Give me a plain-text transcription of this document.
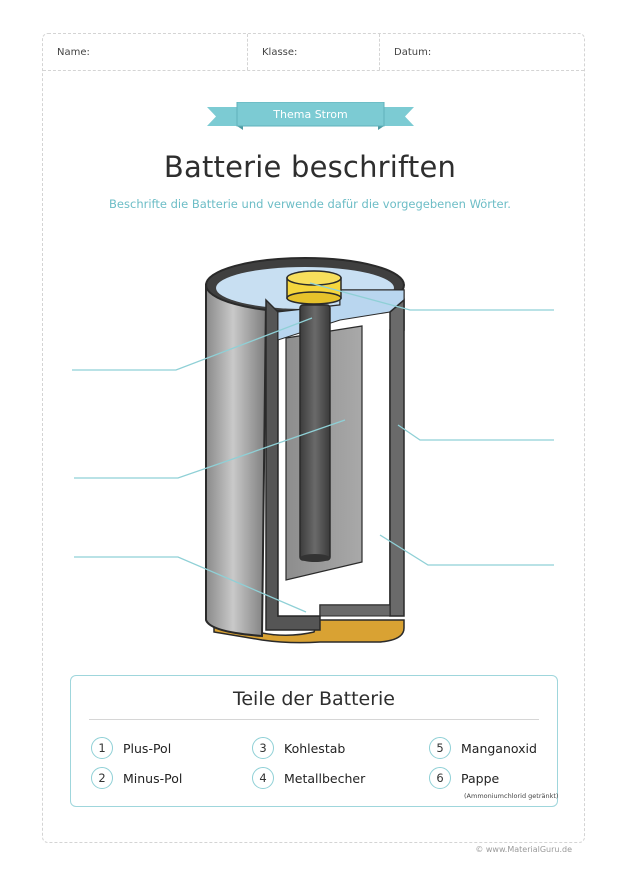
Name:	Klasse:	Datum:
Thema Strom
Batterie beschriften
Beschrifte die Batterie und verwende dafür die vorgegebenen Wörter.
Teile der Batterie
1	Plus-Pol
2	Minus-Pol
3	Kohlestab
4	Metallbecher
5	Manganoxid
6	Pappe
(Ammoniumchlorid getränkt)
© www.MaterialGuru.de
